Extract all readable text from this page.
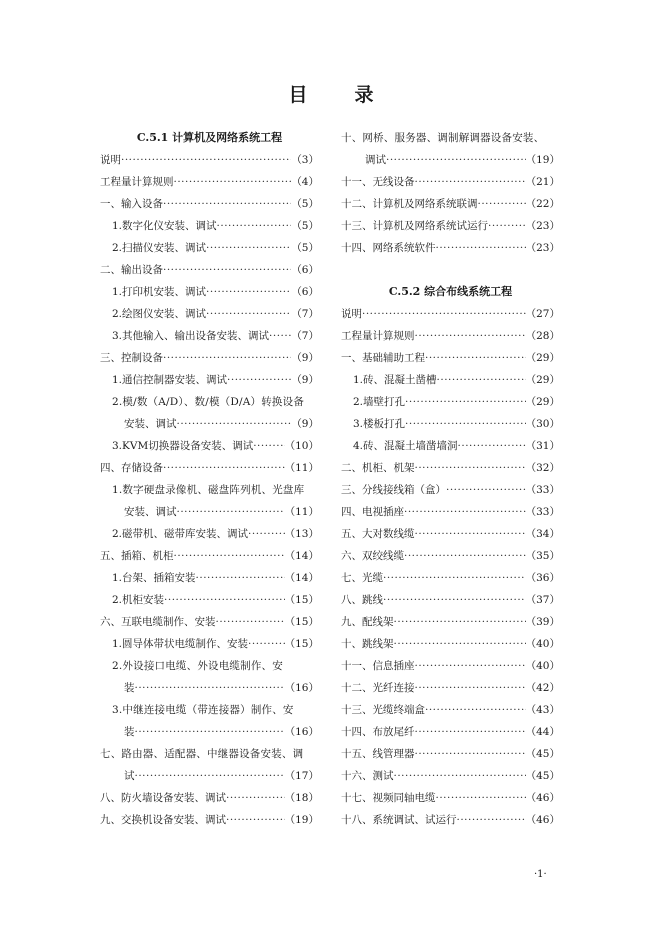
目　录
C.5.1 计算机及网络系统工程
说明 ·····	（3）
工程量计算规则 ·····	（4）
一、输入设备 ·····	（5）
1.数字化仪安装、调试 ·····	（5）
2.扫描仪安装、调试 ·····	（5）
二、输出设备 ·····	（6）
1.打印机安装、调试 ·····	（6）
2.绘图仪安装、调试 ·····	（7）
3.其他输入、输出设备安装、调试 ····· （7）
三、控制设备 ·····	（9）
1.通信控制器安装、调试 ·····	（9）
2.模/数（A/D）、数/模（D/A）转换设备
安装、调试 ·····	（9）
3.KVM切换器设备安装、调试 ·····	（10）
四、存储设备 ·····	（11）
1.数字硬盘录像机、磁盘阵列机、光盘库
安装、调试 ·····	（11）
2.磁带机、磁带库安装、调试 ·····	（13）
五、插箱、机柜 ·····	（14）
1.台架、插箱安装 ·····	（14）
2.机柜安装 ·····	（15）
六、互联电缆制作、安装 ·····	（15）
1.圆导体带状电缆制作、安装 ·····	（15）
2.外设接口电缆、外设电缆制作、安
装 ·····	（16）
3.中继连接电缆（带连接器）制作、安
装 ·····	（16）
七、路由器、适配器、中继器设备安装、调
试 ·····	（17）
八、防火墙设备安装、调试 ·····	（18）
九、交换机设备安装、调试 ·····	（19）
十、网桥、服务器、调制解调器设备安装、
调试 ·····	（19）
十一、无线设备 ·····	（21）
十二、计算机及网络系统联调 ·····	（22）
十三、计算机及网络系统试运行 ·····	（23）
十四、网络系统软件 ·····	（23）
C.5.2 综合布线系统工程
说明 ·····	（27）
工程量计算规则 ·····	（28）
一、基础辅助工程 ·····	（29）
1.砖、混凝土凿槽 ·····	（29）
2.墙壁打孔 ·····	（29）
3.楼板打孔 ·····	（30）
4.砖、混凝土墙凿墙洞 ·····	（31）
二、机柜、机架 ·····	（32）
三、分线接线箱（盒） ·····	（33）
四、电视插座 ·····	（33）
五、大对数线缆 ·····	（34）
六、双绞线缆 ·····	（35）
七、光缆 ·····	（36）
八、跳线 ·····	（37）
九、配线架 ·····	（39）
十、跳线架 ·····	（40）
十一、信息插座 ·····	（40）
十二、光纤连接 ·····	（42）
十三、光缆终端盒 ·····	（43）
十四、布放尾纤 ·····	（44）
十五、线管理器 ·····	（45）
十六、测试 ·····	（45）
十七、视频同轴电缆 ·····	（46）
十八、系统调试、试运行 ·····	（46）
·1·
